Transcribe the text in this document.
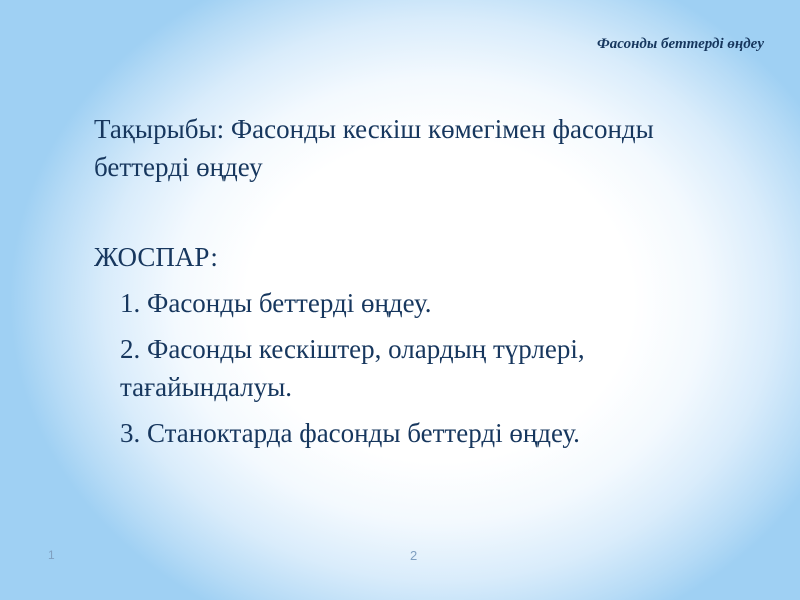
Фасонды беттерді өңдеу

Тақырыбы: Фасонды кескіш көмегімен фасонды беттерді өңдеу

ЖОСПАР:

1. Фасонды беттерді өңдеу.
2. Фасонды кескіштер, олардың түрлері, тағайындалуы.
3. Станоктарда фасонды беттерді өңдеу.
1	2
